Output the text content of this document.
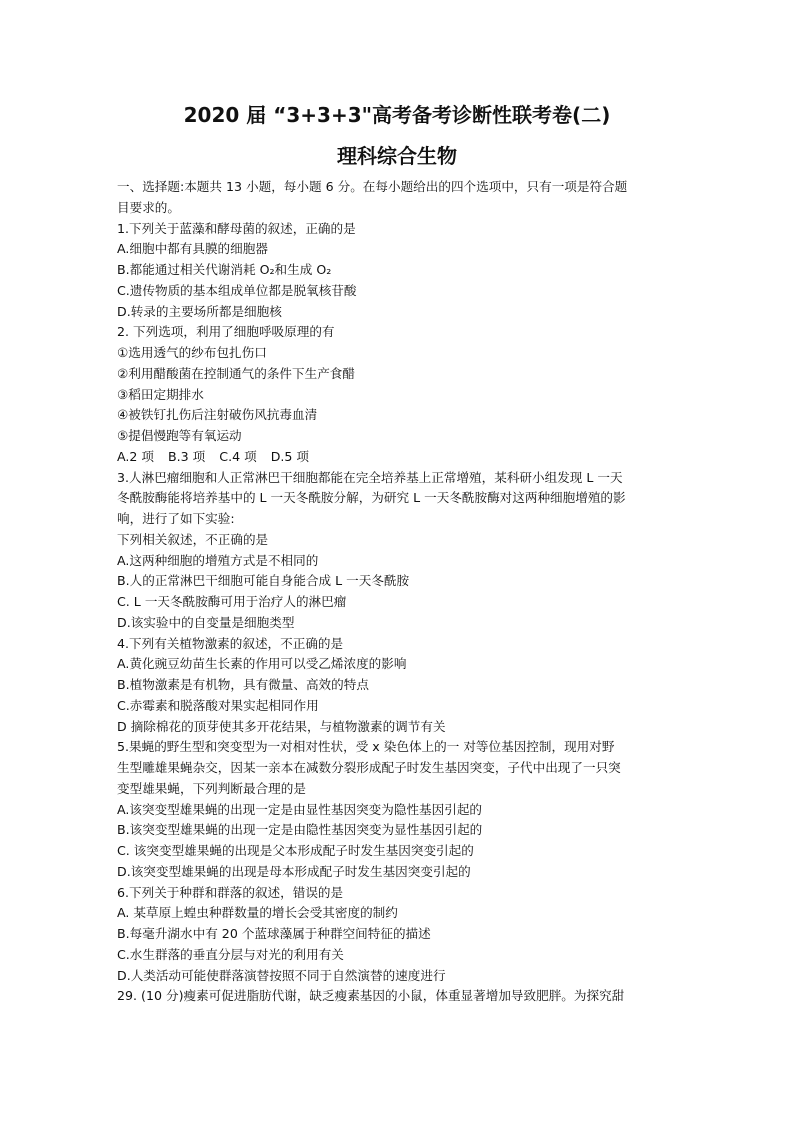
2020 届 “3+3+3"高考备考诊断性联考卷(二)
理科综合生物
一、选择题:本题共 13 小题，每小题 6 分。在每小题给出的四个选项中，只有一项是符合题
目要求的。
1.下列关于蓝藻和酵母菌的叙述，正确的是
A.细胞中都有具膜的细胞器
B.都能通过相关代谢消耗 O₂和生成 O₂
C.遗传物质的基本组成单位都是脱氧核苷酸
D.转录的主要场所都是细胞核
2. 下列选项，利用了细胞呼吸原理的有
①选用透气的纱布包扎伤口
②利用醋酸菌在控制通气的条件下生产食醋
③稻田定期排水
④被铁钉扎伤后注射破伤风抗毒血清
⑤提倡慢跑等有氧运动
A.2 项 B.3 项 C.4 项 D.5 项
3.人淋巴瘤细胞和人正常淋巴干细胞都能在完全培养基上正常增殖，某科研小组发现 L 一天
冬酰胺酶能将培养基中的 L 一天冬酰胺分解，为研究 L 一天冬酰胺酶对这两种细胞增殖的影
响，进行了如下实验:
下列相关叙述，不正确的是
A.这两种细胞的增殖方式是不相同的
B.人的正常淋巴干细胞可能自身能合成 L 一天冬酰胺
C. L 一天冬酰胺酶可用于治疗人的淋巴瘤
D.该实验中的自变量是细胞类型
4.下列有关植物激素的叙述，不正确的是
A.黄化豌豆幼苗生长素的作用可以受乙烯浓度的影响
B.植物激素是有机物，具有微量、高效的特点
C.赤霉素和脱落酸对果实起相同作用
D 摘除棉花的顶芽使其多开花结果，与植物激素的调节有关
5.果蝇的野生型和突变型为一对相对性状，受 x 染色体上的一 对等位基因控制，现用对野
生型雕雄果蝇杂交，因某一亲本在减数分裂形成配子时发生基因突变，子代中出现了一只突
变型雄果蝇，下列判断最合理的是
A.该突变型雄果蝇的出现一定是由显性基因突变为隐性基因引起的
B.该突变型雄果蝇的出现一定是由隐性基因突变为显性基因引起的
C. 该突变型雄果蝇的出现是父本形成配子时发生基因突变引起的
D.该突变型雄果蝇的出现是母本形成配子时发生基因突变引起的
6.下列关于种群和群落的叙述，错误的是
A. 某草原上蝗虫种群数量的增长会受其密度的制约
B.每毫升湖水中有 20 个蓝球藻属于种群空间特征的描述
C.水生群落的垂直分层与对光的利用有关
D.人类活动可能使群落演替按照不同于自然演替的速度进行
29. (10 分)瘦素可促进脂肪代谢，缺乏瘦素基因的小鼠，体重显著增加导致肥胖。为探究甜
